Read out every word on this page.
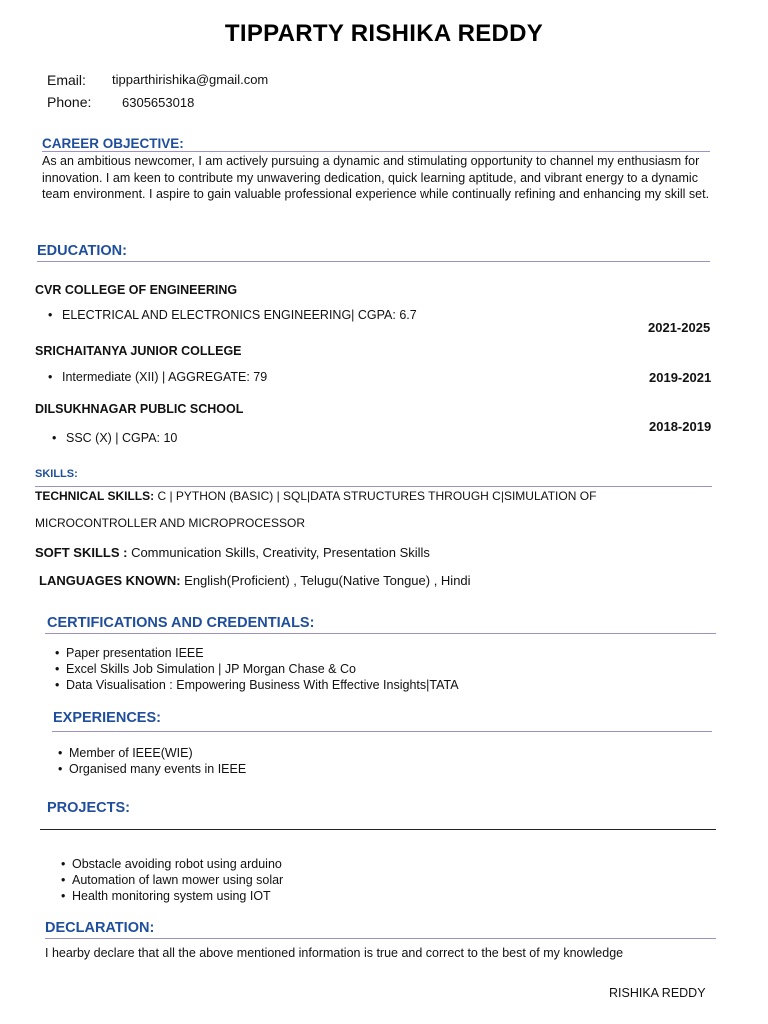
TIPPARTY RISHIKA REDDY
Email: tipparthirishika@gmail.com
Phone: 6305653018
CAREER OBJECTIVE:
As an ambitious newcomer, I am actively pursuing a dynamic and stimulating opportunity to channel my enthusiasm for innovation. I am keen to contribute my unwavering dedication, quick learning aptitude, and vibrant energy to a dynamic team environment. I aspire to gain valuable professional experience while continually refining and enhancing my skill set.
EDUCATION:
CVR COLLEGE OF ENGINEERING
• ELECTRICAL AND ELECTRONICS ENGINEERING| CGPA: 6.7
2021-2025
SRICHAITANYA JUNIOR COLLEGE
• Intermediate (XII) | AGGREGATE: 79	2019-2021
DILSUKHNAGAR PUBLIC SCHOOL
2018-2019
• SSC (X) | CGPA: 10
SKILLS:
TECHNICAL SKILLS: C | PYTHON (BASIC) | SQL|DATA STRUCTURES THROUGH C|SIMULATION OF
MICROCONTROLLER AND MICROPROCESSOR
SOFT SKILLS : Communication Skills, Creativity, Presentation Skills
LANGUAGES KNOWN: English(Proficient) , Telugu(Native Tongue) , Hindi
CERTIFICATIONS AND CREDENTIALS:
• Paper presentation IEEE
• Excel Skills Job Simulation | JP Morgan Chase & Co
• Data Visualisation : Empowering Business With Effective Insights|TATA
EXPERIENCES:
• Member of IEEE(WIE)
• Organised many events in IEEE
PROJECTS:
• Obstacle avoiding robot using arduino
• Automation of lawn mower using solar
• Health monitoring system using IOT
DECLARATION:
I hearby declare that all the above mentioned information is true and correct to the best of my knowledge
RISHIKA REDDY
